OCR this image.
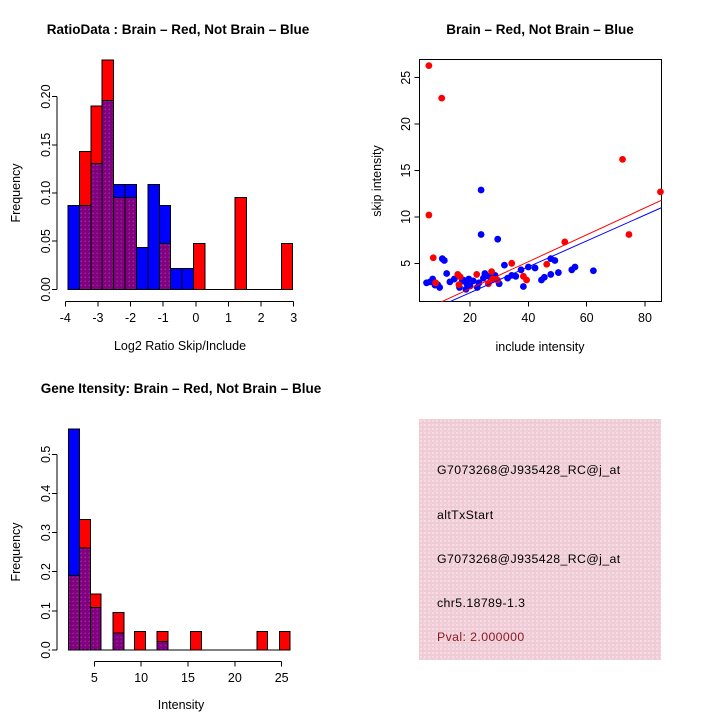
RatioData : Brain – Red, Not Brain – Blue
Log2 Ratio Skip/Include
Frequency
Brain – Red, Not Brain – Blue
include intensity
skip intensity
Gene Itensity: Brain – Red, Not Brain – Blue
Intensity
Frequency
0.00
0.05
0.10
0.15
0.20
-4 -3 -2 -1 0 1 2 3	20	40	60	80
5
10
15
20
25
0.0
0.1
0.2
0.3
0.4
0.5
5	10	15	20	25
G7073268@J935428_RC@j_at
altTxStart
G7073268@J935428_RC@j_at
chr5.18789-1.3
Pval: 2.000000
